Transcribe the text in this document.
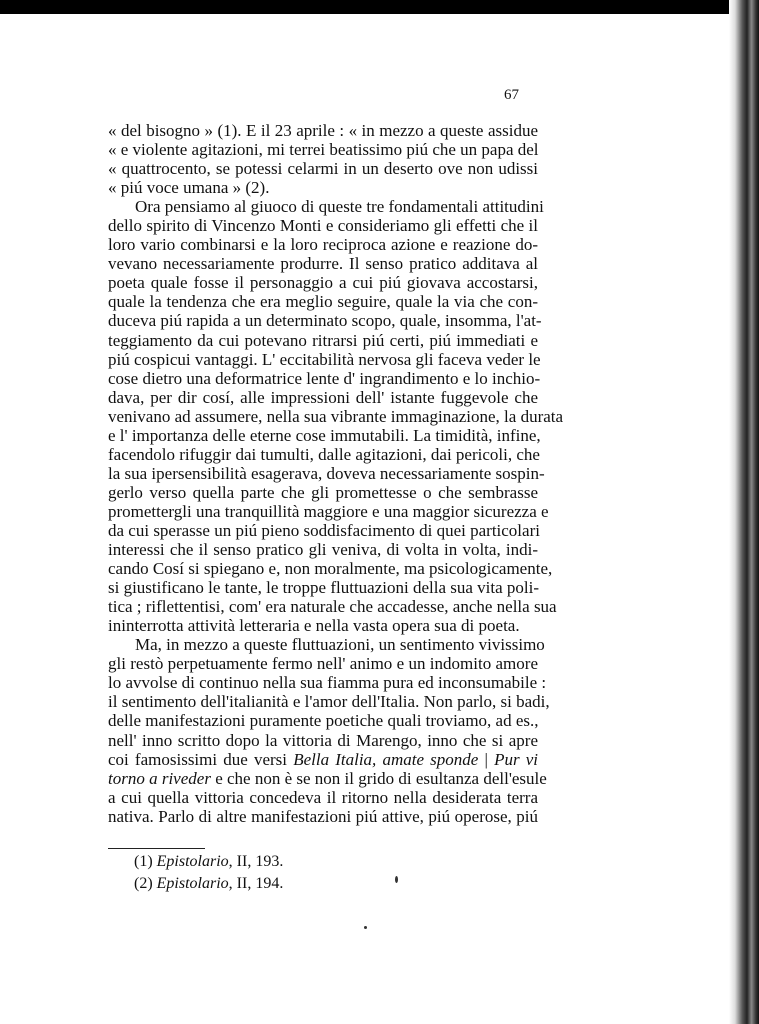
67
« del bisogno » (1). E il 23 aprile : « in mezzo a queste assidue
« e violente agitazioni, mi terrei beatissimo piú che un papa del
« quattrocento, se potessi celarmi in un deserto ove non udissi
« piú voce umana » (2).
Ora pensiamo al giuoco di queste tre fondamentali attitudini
dello spirito di Vincenzo Monti e consideriamo gli effetti che il
loro vario combinarsi e la loro reciproca azione e reazione do-
vevano necessariamente produrre. Il senso pratico additava al
poeta quale fosse il personaggio a cui piú giovava accostarsi,
quale la tendenza che era meglio seguire, quale la via che con-
duceva piú rapida a un determinato scopo, quale, insomma, l'at-
teggiamento da cui potevano ritrarsi piú certi, piú immediati e
piú cospicui vantaggi. L' eccitabilità nervosa gli faceva veder le
cose dietro una deformatrice lente d' ingrandimento e lo inchio-
dava, per dir cosí, alle impressioni dell' istante fuggevole che
venivano ad assumere, nella sua vibrante immaginazione, la durata
e l' importanza delle eterne cose immutabili. La timidità, infine,
facendolo rifuggir dai tumulti, dalle agitazioni, dai pericoli, che
la sua ipersensibilità esagerava, doveva necessariamente sospin-
gerlo verso quella parte che gli promettesse o che sembrasse
promettergli una tranquillità maggiore e una maggior sicurezza e
da cui sperasse un piú pieno soddisfacimento di quei particolari
interessi che il senso pratico gli veniva, di volta in volta, indi-
cando Cosí si spiegano e, non moralmente, ma psicologicamente,
si giustificano le tante, le troppe fluttuazioni della sua vita poli-
tica ; riflettentisi, com' era naturale che accadesse, anche nella sua
ininterrotta attività letteraria e nella vasta opera sua di poeta.
Ma, in mezzo a queste fluttuazioni, un sentimento vivissimo
gli restò perpetuamente fermo nell' animo e un indomito amore
lo avvolse di continuo nella sua fiamma pura ed inconsumabile :
il sentimento dell'italianità e l'amor dell'Italia. Non parlo, si badi,
delle manifestazioni puramente poetiche quali troviamo, ad es.,
nell' inno scritto dopo la vittoria di Marengo, inno che si apre
coi famosissimi due versi Bella Italia, amate sponde | Pur vi
torno a riveder e che non è se non il grido di esultanza dell'esule
a cui quella vittoria concedeva il ritorno nella desiderata terra
nativa. Parlo di altre manifestazioni piú attive, piú operose, piú
(1) Epistolario, II, 193.
(2) Epistolario, II, 194.
